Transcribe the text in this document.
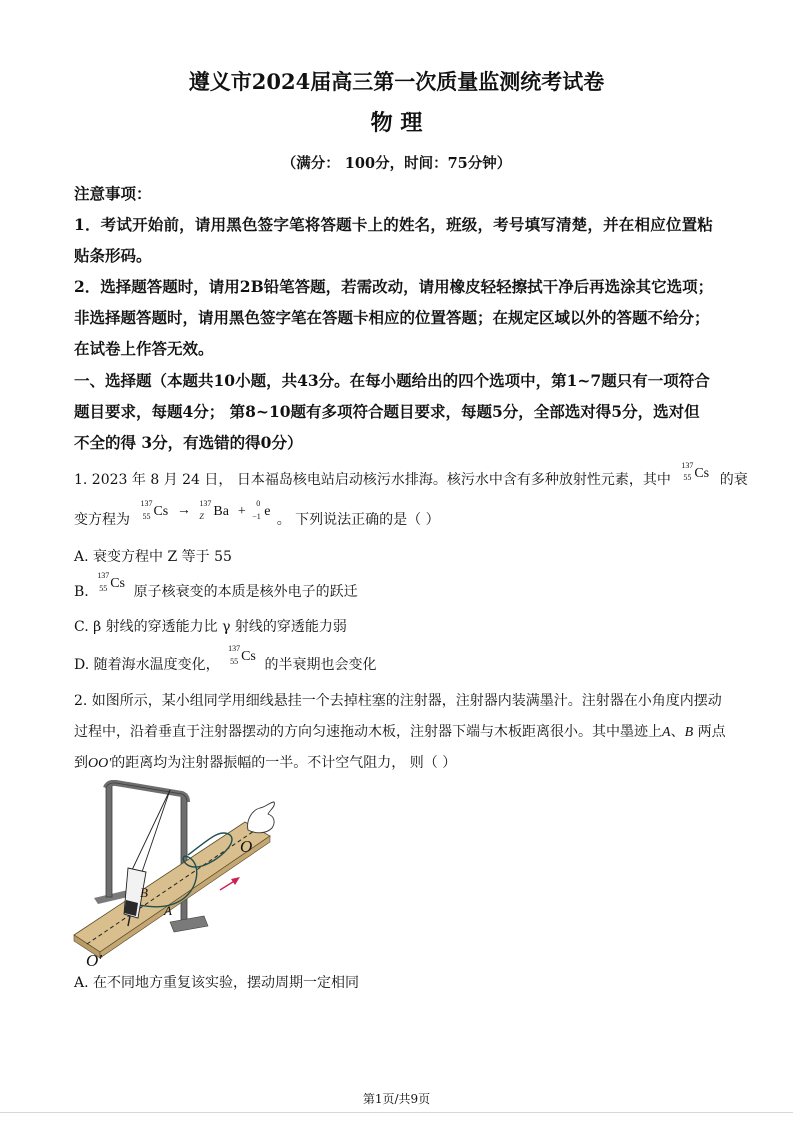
遵义市2024届高三第一次质量监测统考试卷
物 理
（满分： 100分，时间：75分钟）
注意事项：
1．考试开始前，请用黑色签字笔将答题卡上的姓名，班级，考号填写清楚，并在相应位置粘
贴条形码。
2．选择题答题时，请用2B铅笔答题，若需改动，请用橡皮轻轻擦拭干净后再选涂其它选项；
非选择题答题时，请用黑色签字笔在答题卡相应的位置答题；在规定区域以外的答题不给分；
在试卷上作答无效。
一、选择题（本题共10小题，共43分。在每小题给出的四个选项中，第1~7题只有一项符合
题目要求，每题4分； 第8~10题有多项符合题目要求，每题5分，全部选对得5分，选对但
不全的得 3分，有选错的得0分）
1. 2023 年 8 月 24 日， 日本福岛核电站启动核污水排海。核污水中含有多种放射性元素，其中
137
55 Cs 的衰
变方程为
137
55 Cs
→
137
Z Ba
+

0
−1 e
。 下列说法正确的是（ ）
A. 衰变方程中 Z 等于 55
B.
137
55 Cs
原子核衰变的本质是核外电子的跃迁
C. β 射线的穿透能力比 γ 射线的穿透能力弱
D. 随着海水温度变化，
137
55 Cs
的半衰期也会变化
2. 如图所示，某小组同学用细线悬挂一个去掉柱塞的注射器，注射器内装满墨汁。注射器在小角度内摆动
过程中，沿着垂直于注射器摆动的方向匀速拖动木板，注射器下端与木板距离很小。其中墨迹上A、B 两点
到OO′的距离均为注射器振幅的一半。不计空气阻力， 则（ ）
O
B
A
O′
A. 在不同地方重复该实验，摆动周期一定相同
第1页/共9页
